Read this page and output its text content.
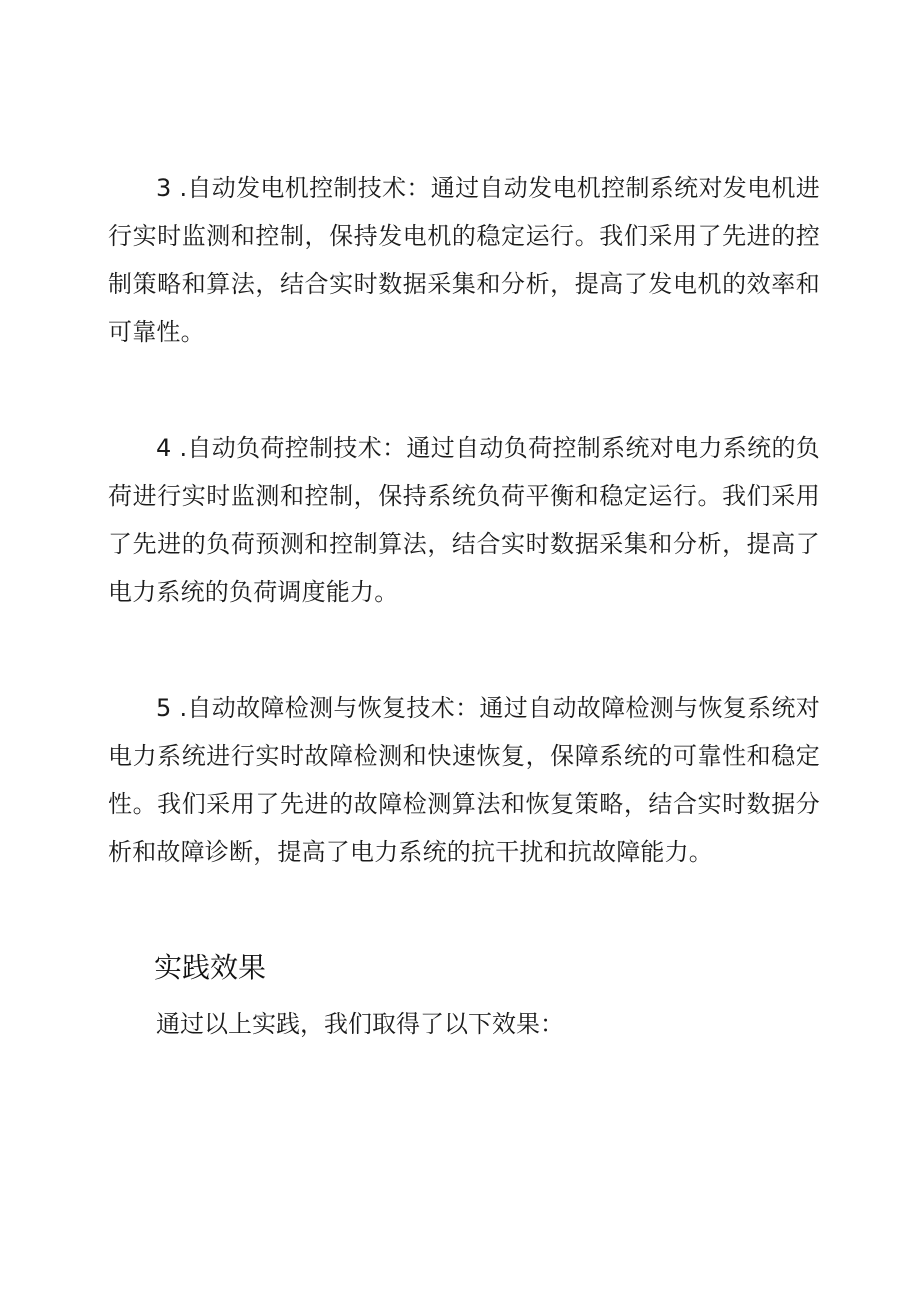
3 .自动发电机控制技术：通过自动发电机控制系统对发电机进行实时监测和控制，保持发电机的稳定运行。我们采用了先进的控制策略和算法，结合实时数据采集和分析，提高了发电机的效率和可靠性。

4 .自动负荷控制技术：通过自动负荷控制系统对电力系统的负荷进行实时监测和控制，保持系统负荷平衡和稳定运行。我们采用了先进的负荷预测和控制算法，结合实时数据采集和分析，提高了电力系统的负荷调度能力。

5 .自动故障检测与恢复技术：通过自动故障检测与恢复系统对电力系统进行实时故障检测和快速恢复，保障系统的可靠性和稳定性。我们采用了先进的故障检测算法和恢复策略，结合实时数据分析和故障诊断，提高了电力系统的抗干扰和抗故障能力。

实践效果

通过以上实践，我们取得了以下效果：
